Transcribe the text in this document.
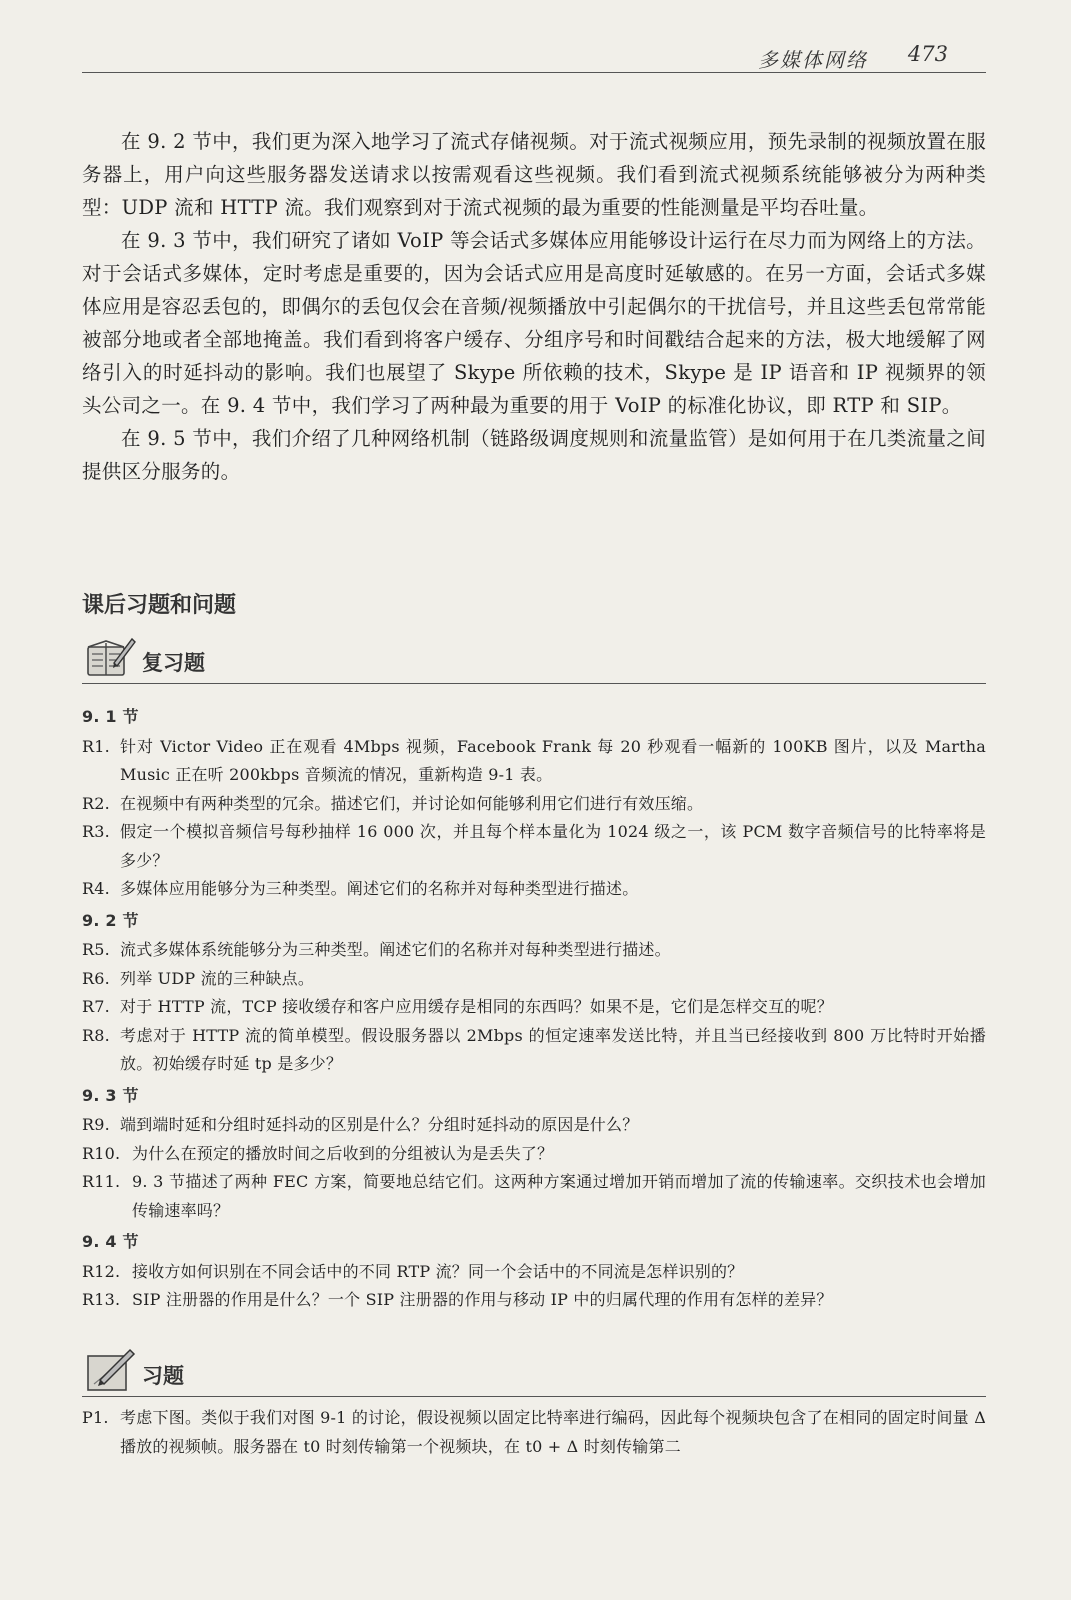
多媒体网络 473

在 9. 2 节中，我们更为深入地学习了流式存储视频。对于流式视频应用，预先录制的视频放置在服务器上，用户向这些服务器发送请求以按需观看这些视频。我们看到流式视频系统能够被分为两种类型：UDP 流和 HTTP 流。我们观察到对于流式视频的最为重要的性能测量是平均吞吐量。

在 9. 3 节中，我们研究了诸如 VoIP 等会话式多媒体应用能够设计运行在尽力而为网络上的方法。对于会话式多媒体，定时考虑是重要的，因为会话式应用是高度时延敏感的。在另一方面，会话式多媒体应用是容忍丢包的，即偶尔的丢包仅会在音频/视频播放中引起偶尔的干扰信号，并且这些丢包常常能被部分地或者全部地掩盖。我们看到将客户缓存、分组序号和时间戳结合起来的方法，极大地缓解了网络引入的时延抖动的影响。我们也展望了 Skype 所依赖的技术，Skype 是 IP 语音和 IP 视频界的领头公司之一。在 9. 4 节中，我们学习了两种最为重要的用于 VoIP 的标准化协议，即 RTP 和 SIP。

在 9. 5 节中，我们介绍了几种网络机制（链路级调度规则和流量监管）是如何用于在几类流量之间提供区分服务的。

课后习题和问题
复习题
9. 1 节
R1. 针对 Victor Video 正在观看 4Mbps 视频，Facebook Frank 每 20 秒观看一幅新的 100KB 图片，以及 Martha Music 正在听 200kbps 音频流的情况，重新构造 9-1 表。
R2. 在视频中有两种类型的冗余。描述它们，并讨论如何能够利用它们进行有效压缩。
R3. 假定一个模拟音频信号每秒抽样 16 000 次，并且每个样本量化为 1024 级之一，该 PCM 数字音频信号的比特率将是多少？
R4. 多媒体应用能够分为三种类型。阐述它们的名称并对每种类型进行描述。
9. 2 节
R5. 流式多媒体系统能够分为三种类型。阐述它们的名称并对每种类型进行描述。
R6. 列举 UDP 流的三种缺点。
R7. 对于 HTTP 流，TCP 接收缓存和客户应用缓存是相同的东西吗？如果不是，它们是怎样交互的呢？
R8. 考虑对于 HTTP 流的简单模型。假设服务器以 2Mbps 的恒定速率发送比特，并且当已经接收到 800 万比特时开始播放。初始缓存时延 tp 是多少？
9. 3 节
R9. 端到端时延和分组时延抖动的区别是什么？分组时延抖动的原因是什么？
R10. 为什么在预定的播放时间之后收到的分组被认为是丢失了？
R11. 9. 3 节描述了两种 FEC 方案，简要地总结它们。这两种方案通过增加开销而增加了流的传输速率。交织技术也会增加传输速率吗？
9. 4 节
R12. 接收方如何识别在不同会话中的不同 RTP 流？同一个会话中的不同流是怎样识别的？
R13. SIP 注册器的作用是什么？一个 SIP 注册器的作用与移动 IP 中的归属代理的作用有怎样的差异？
习题
P1. 考虑下图。类似于我们对图 9-1 的讨论，假设视频以固定比特率进行编码，因此每个视频块包含了在相同的固定时间量 Δ 播放的视频帧。服务器在 t0 时刻传输第一个视频块，在 t0 + Δ 时刻传输第二
